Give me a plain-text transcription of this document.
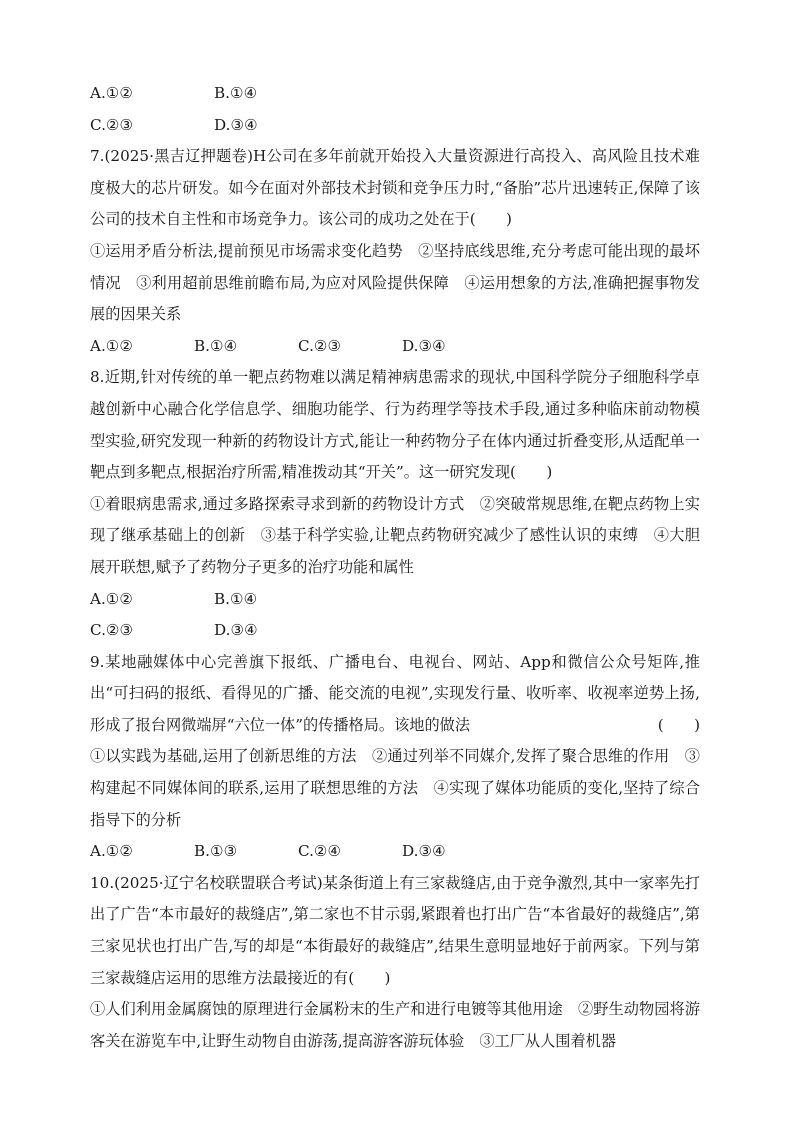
A.①②	B.①④
C.②③	D.③④

7.(2025·黑吉辽押题卷)H公司在多年前就开始投入大量资源进行高投入、高风险且技术难度极大的芯片研发。如今在面对外部技术封锁和竞争压力时,“备胎”芯片迅速转正,保障了该公司的技术自主性和市场竞争力。该公司的成功之处在于(　　)

①运用矛盾分析法,提前预见市场需求变化趋势　②坚持底线思维,充分考虑可能出现的最坏情况　③利用超前思维前瞻布局,为应对风险提供保障　④运用想象的方法,准确把握事物发展的因果关系

A.①②	B.①④	C.②③	D.③④

8.近期,针对传统的单一靶点药物难以满足精神病患需求的现状,中国科学院分子细胞科学卓越创新中心融合化学信息学、细胞功能学、行为药理学等技术手段,通过多种临床前动物模型实验,研究发现一种新的药物设计方式,能让一种药物分子在体内通过折叠变形,从适配单一靶点到多靶点,根据治疗所需,精准拨动其“开关”。这一研究发现(　　)

①着眼病患需求,通过多路探索寻求到新的药物设计方式　②突破常规思维,在靶点药物上实现了继承基础上的创新　③基于科学实验,让靶点药物研究减少了感性认识的束缚　④大胆展开联想,赋予了药物分子更多的治疗功能和属性

A.①②	B.①④
C.②③	D.③④

9.某地融媒体中心完善旗下报纸、广播电台、电视台、网站、App和微信公众号矩阵,推出“可扫码的报纸、看得见的广播、能交流的电视”,实现发行量、收听率、收视率逆势上扬,形成了报台网微端屏“六位一体”的传播格局。该地的做法	(　　)

①以实践为基础,运用了创新思维的方法　②通过列举不同媒介,发挥了聚合思维的作用　③构建起不同媒体间的联系,运用了联想思维的方法　④实现了媒体功能质的变化,坚持了综合指导下的分析

A.①②	B.①③	C.②④	D.③④

10.(2025·辽宁名校联盟联合考试)某条街道上有三家裁缝店,由于竞争激烈,其中一家率先打出了广告“本市最好的裁缝店”,第二家也不甘示弱,紧跟着也打出广告“本省最好的裁缝店”,第三家见状也打出广告,写的却是“本街最好的裁缝店”,结果生意明显地好于前两家。下列与第三家裁缝店运用的思维方法最接近的有(　　)

①人们利用金属腐蚀的原理进行金属粉末的生产和进行电镀等其他用途　②野生动物园将游客关在游览车中,让野生动物自由游荡,提高游客游玩体验　③工厂从人围着机器
